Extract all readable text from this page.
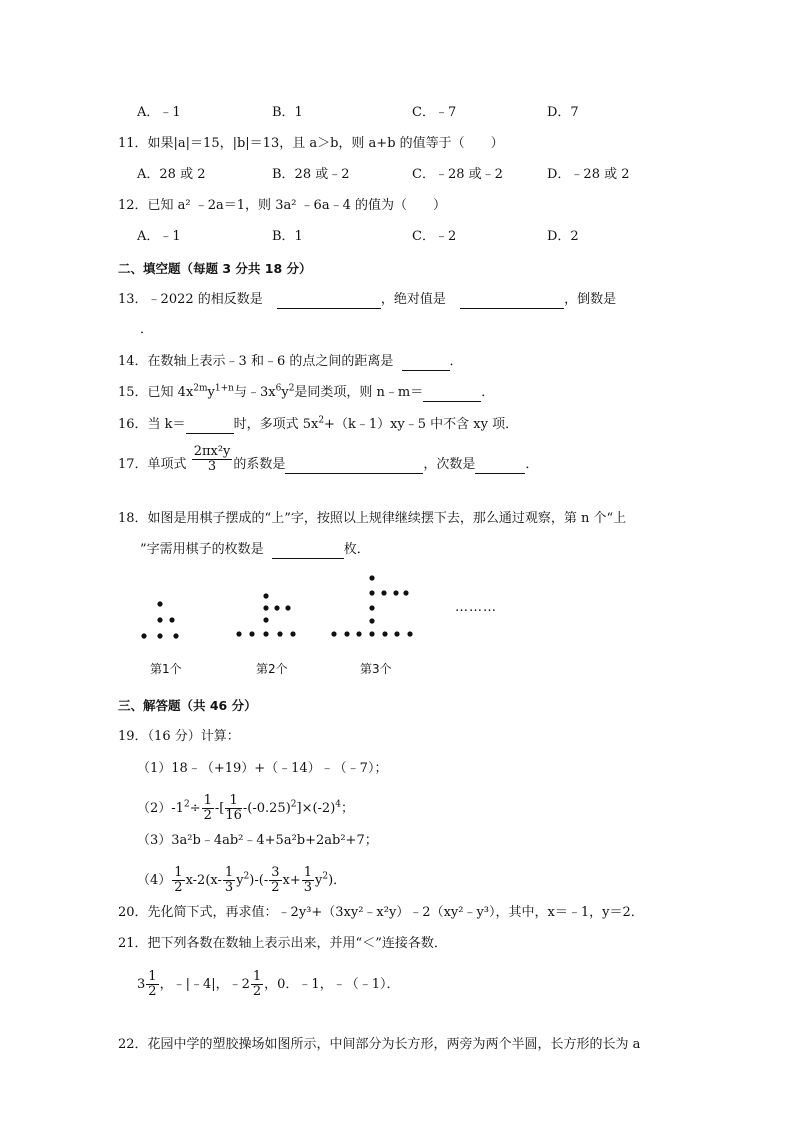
A．﹣1	B．1	C．﹣7	D．7
11．如果|a|＝15，|b|＝13，且 a＞b，则 a+b 的值等于（　　）
A．28 或 2	B．28 或﹣2	C．﹣28 或﹣2	D．﹣28 或 2
12．已知 a² ﹣2a＝1，则 3a² ﹣6a﹣4 的值为（　　）
A．﹣1	B．1	C．﹣2	D．2
二、填空题（每题 3 分共 18 分）
13．﹣2022 的相反数是	，绝对值是	，倒数是
．
14．在数轴上表示﹣3 和﹣6 的点之间的距离是	．
15．已知 $4x^{2m}y^{1+n}$与$﹣3x^6y^2$是同类项，则 n﹣m＝	．
16．当 k＝	时，多项式 $5x^2+(k﹣1)xy﹣5$ 中不含 xy 项．
17．单项式 $\frac{\text{2πx²y}}{3}$ 的系数是	，次数是	．
18．如图是用棋子摆成的“上”字，按照以上规律继续摆下去，那么通过观察，第 n 个“上
”字需用棋子的枚数是	枚．
………
第1个	第2个	第3个
三、解答题（共 46 分）
19．（16 分）计算：
（1）18﹣（+19）+（﹣14）﹣（﹣7）；
$(2)-1^2\div \frac{1}{2}$ -[ $\frac{1}{16} -(-0.25)^2]\times(-2)^4$；
（3）3a²b﹣4ab²﹣4+5a²b+2ab²+7；
$(4) \frac{1}{2} x-2(x- \frac{1}{3} y^2)-(- \frac{3}{2} x+ \frac{1}{3} y^2)$．
20．先化简下式，再求值：﹣2y³+（3xy²﹣x²y）﹣2（xy²﹣y³），其中，x＝﹣1，y＝2．
21．把下列各数在数轴上表示出来，并用“＜”连接各数．
$3 \frac{1}{2}$ ，﹣|﹣4|，﹣2 $\frac{1}{2}$ ，0．﹣1，﹣（﹣1）．
22．花园中学的塑胶操场如图所示，中间部分为长方形，两旁为两个半圆，长方形的长为 a
